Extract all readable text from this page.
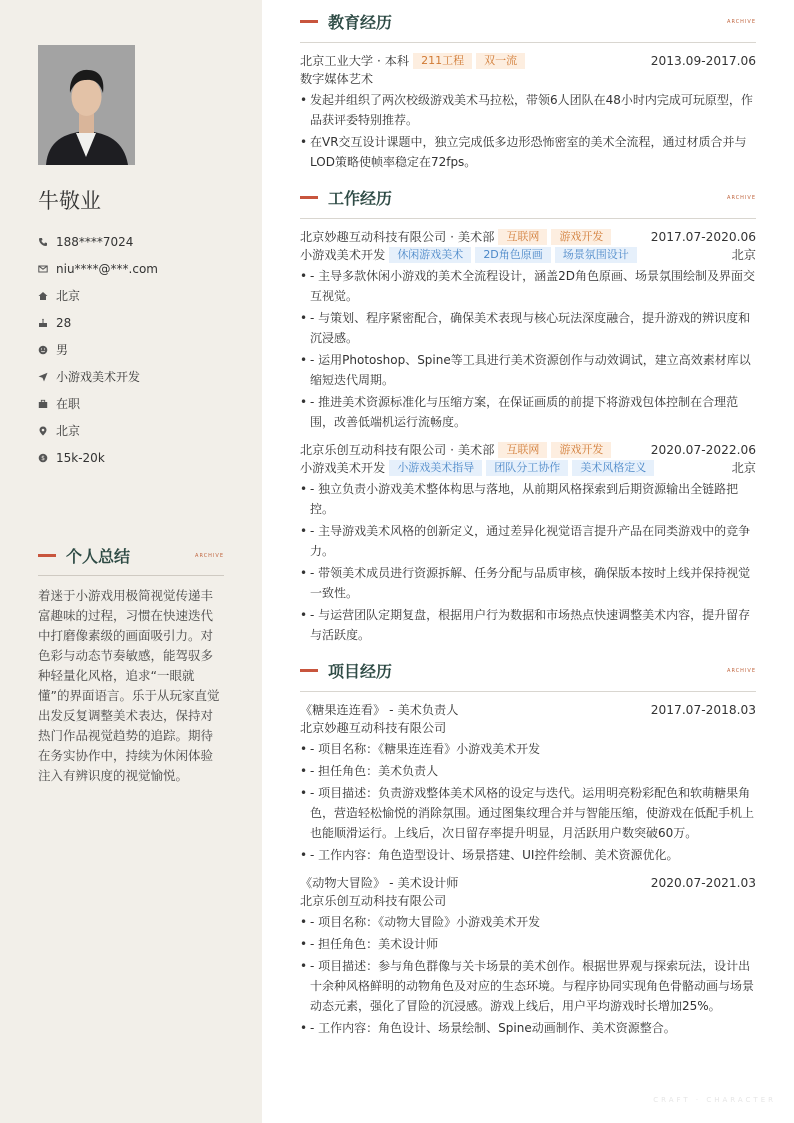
牛敬业
188****7024
niu****@***.com
北京
28
男
小游戏美术开发
在职
北京
$ 15k-20k
个人总结	ARCHIVE
着迷于小游戏用极简视觉传递丰富趣味的过程，习惯在快速迭代中打磨像素级的画面吸引力。对色彩与动态节奏敏感，能驾驭多种轻量化风格，追求“一眼就懂”的界面语言。乐于从玩家直觉出发反复调整美术表达，保持对热门作品视觉趋势的追踪。期待在务实协作中，持续为休闲体验注入有辨识度的视觉愉悦。
教育经历	ARCHIVE
北京工业大学 · 本科	211工程	双一流	2013.09-2017.06
数字媒体艺术
• 发起并组织了两次校级游戏美术马拉松，带领6人团队在48小时内完成可玩原型，作品获评委特别推荐。
• 在VR交互设计课题中，独立完成低多边形恐怖密室的美术全流程，通过材质合并与LOD策略使帧率稳定在72fps。
工作经历	ARCHIVE
北京妙趣互动科技有限公司 · 美术部	互联网	游戏开发	2017.07-2020.06
小游戏美术开发	休闲游戏美术	2D角色原画	场景氛围设计	北京
• - 主导多款休闲小游戏的美术全流程设计，涵盖2D角色原画、场景氛围绘制及界面交互视觉。
• - 与策划、程序紧密配合，确保美术表现与核心玩法深度融合，提升游戏的辨识度和沉浸感。
• - 运用Photoshop、Spine等工具进行美术资源创作与动效调试，建立高效素材库以缩短迭代周期。
• - 推进美术资源标准化与压缩方案，在保证画质的前提下将游戏包体控制在合理范围，改善低端机运行流畅度。
北京乐创互动科技有限公司 · 美术部	互联网	游戏开发	2020.07-2022.06
小游戏美术开发	小游戏美术指导	团队分工协作	美术风格定义	北京
• - 独立负责小游戏美术整体构思与落地，从前期风格探索到后期资源输出全链路把控。
• - 主导游戏美术风格的创新定义，通过差异化视觉语言提升产品在同类游戏中的竞争力。
• - 带领美术成员进行资源拆解、任务分配与品质审核，确保版本按时上线并保持视觉一致性。
• - 与运营团队定期复盘，根据用户行为数据和市场热点快速调整美术内容，提升留存与活跃度。
项目经历	ARCHIVE
《糖果连连看》 - 美术负责人	2017.07-2018.03
北京妙趣互动科技有限公司
• - 项目名称：《糖果连连看》小游戏美术开发
• - 担任角色：美术负责人
• - 项目描述：负责游戏整体美术风格的设定与迭代。运用明亮粉彩配色和软萌糖果角色，营造轻松愉悦的消除氛围。通过图集纹理合并与智能压缩，使游戏在低配手机上也能顺滑运行。上线后，次日留存率提升明显，月活跃用户数突破60万。
• - 工作内容：角色造型设计、场景搭建、UI控件绘制、美术资源优化。
《动物大冒险》 - 美术设计师	2020.07-2021.03
北京乐创互动科技有限公司
• - 项目名称：《动物大冒险》小游戏美术开发
• - 担任角色：美术设计师
• - 项目描述：参与角色群像与关卡场景的美术创作。根据世界观与探索玩法，设计出十余种风格鲜明的动物角色及对应的生态环境。与程序协同实现角色骨骼动画与场景动态元素，强化了冒险的沉浸感。游戏上线后，用户平均游戏时长增加25%。
• - 工作内容：角色设计、场景绘制、Spine动画制作、美术资源整合。
CRAFT · CHARACTER
